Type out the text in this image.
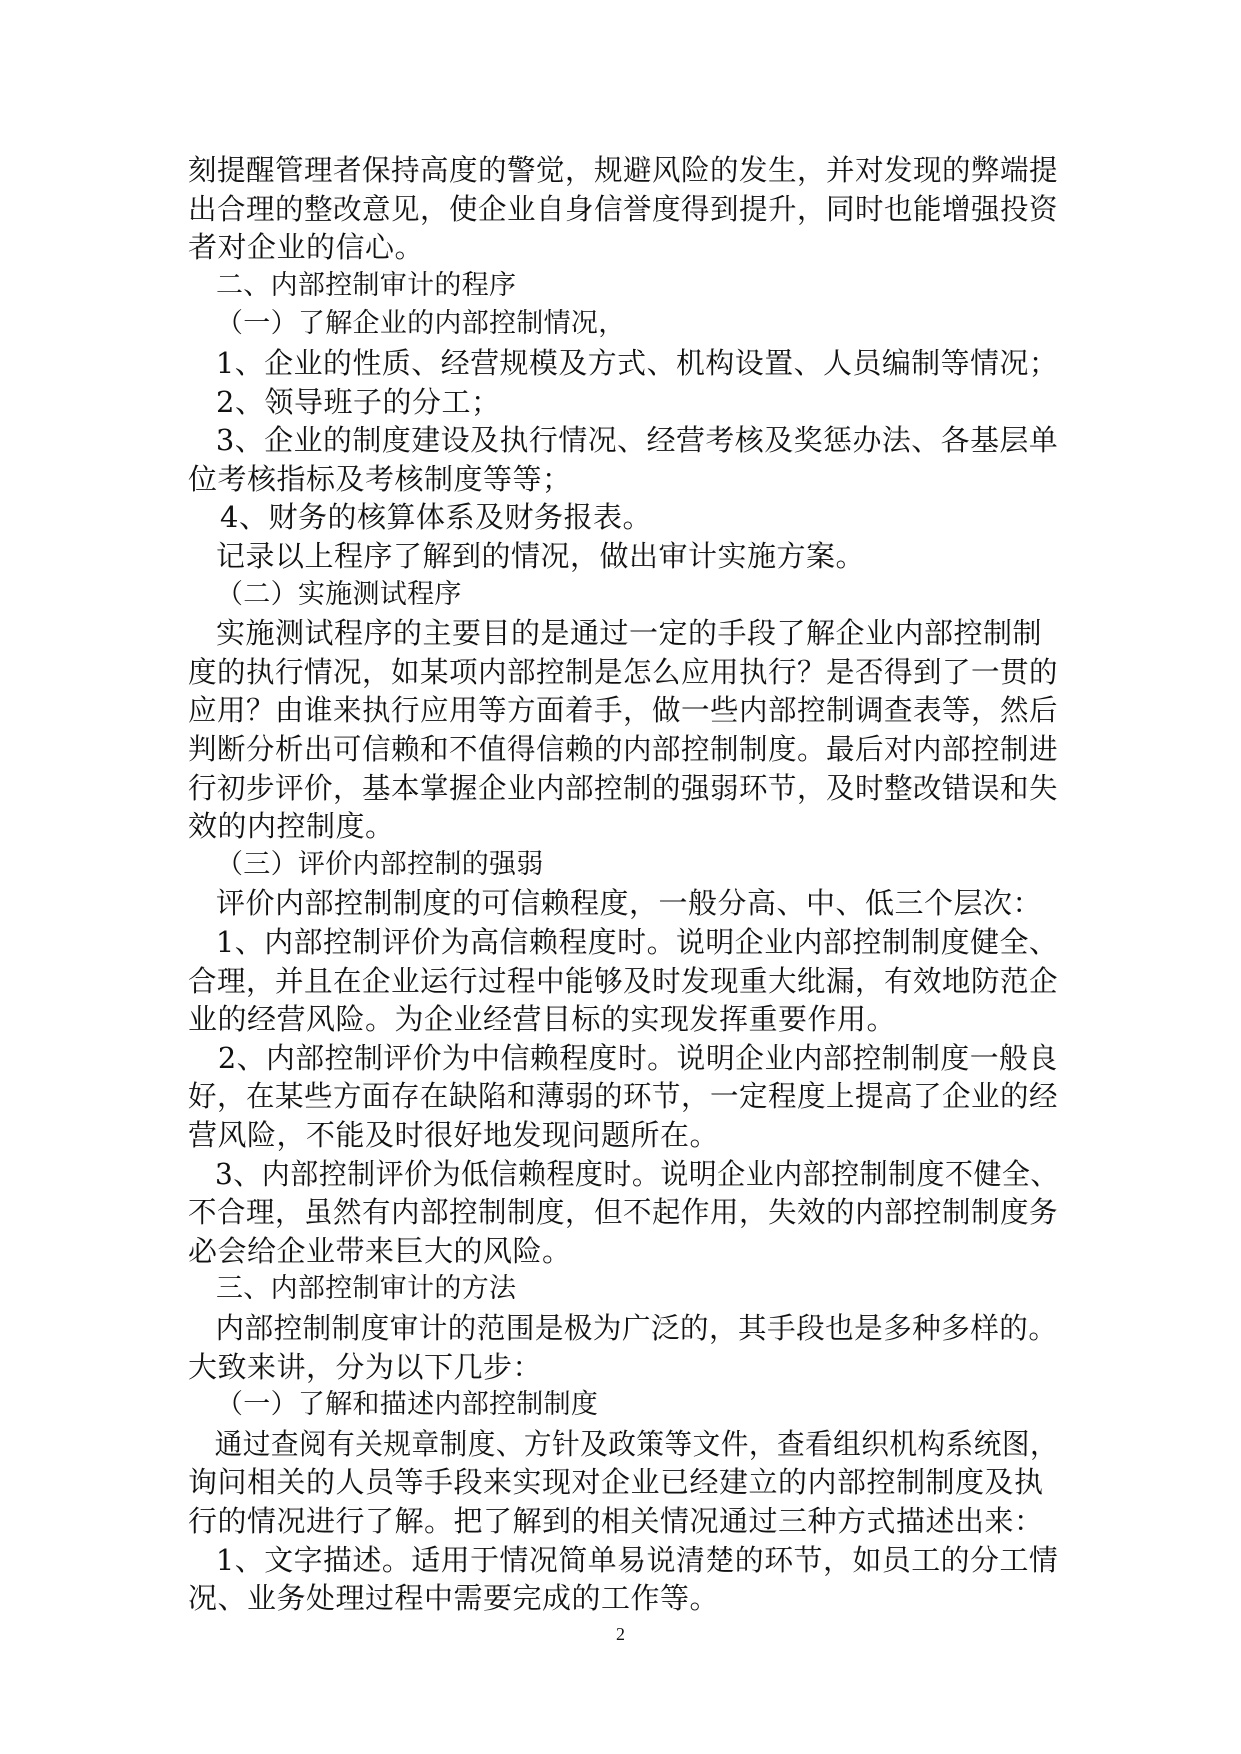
刻提醒管理者保持高度的警觉，规避风险的发生，并对发现的弊端提
出合理的整改意见，使企业自身信誉度得到提升，同时也能增强投资
者对企业的信心。
二、内部控制审计的程序
（一）了解企业的内部控制情况，
1、企业的性质、经营规模及方式、机构设置、人员编制等情况；
2、领导班子的分工；
3、企业的制度建设及执行情况、经营考核及奖惩办法、各基层单
位考核指标及考核制度等等；
4、财务的核算体系及财务报表。
记录以上程序了解到的情况，做出审计实施方案。
（二）实施测试程序
实施测试程序的主要目的是通过一定的手段了解企业内部控制制
度的执行情况，如某项内部控制是怎么应用执行？是否得到了一贯的
应用？由谁来执行应用等方面着手，做一些内部控制调查表等，然后
判断分析出可信赖和不值得信赖的内部控制制度。最后对内部控制进
行初步评价，基本掌握企业内部控制的强弱环节，及时整改错误和失
效的内控制度。
（三）评价内部控制的强弱
评价内部控制制度的可信赖程度，一般分高、中、低三个层次：
1、内部控制评价为高信赖程度时。说明企业内部控制制度健全、
合理，并且在企业运行过程中能够及时发现重大纰漏，有效地防范企
业的经营风险。为企业经营目标的实现发挥重要作用。
2、内部控制评价为中信赖程度时。说明企业内部控制制度一般良
好，在某些方面存在缺陷和薄弱的环节，一定程度上提高了企业的经
营风险，不能及时很好地发现问题所在。
3、内部控制评价为低信赖程度时。说明企业内部控制制度不健全、
不合理，虽然有内部控制制度，但不起作用，失效的内部控制制度务
必会给企业带来巨大的风险。
三、内部控制审计的方法
内部控制制度审计的范围是极为广泛的，其手段也是多种多样的。
大致来讲，分为以下几步：
（一）了解和描述内部控制制度
通过查阅有关规章制度、方针及政策等文件，查看组织机构系统图，
询问相关的人员等手段来实现对企业已经建立的内部控制制度及执
行的情况进行了解。把了解到的相关情况通过三种方式描述出来：
1、文字描述。适用于情况简单易说清楚的环节，如员工的分工情
况、业务处理过程中需要完成的工作等。
2
